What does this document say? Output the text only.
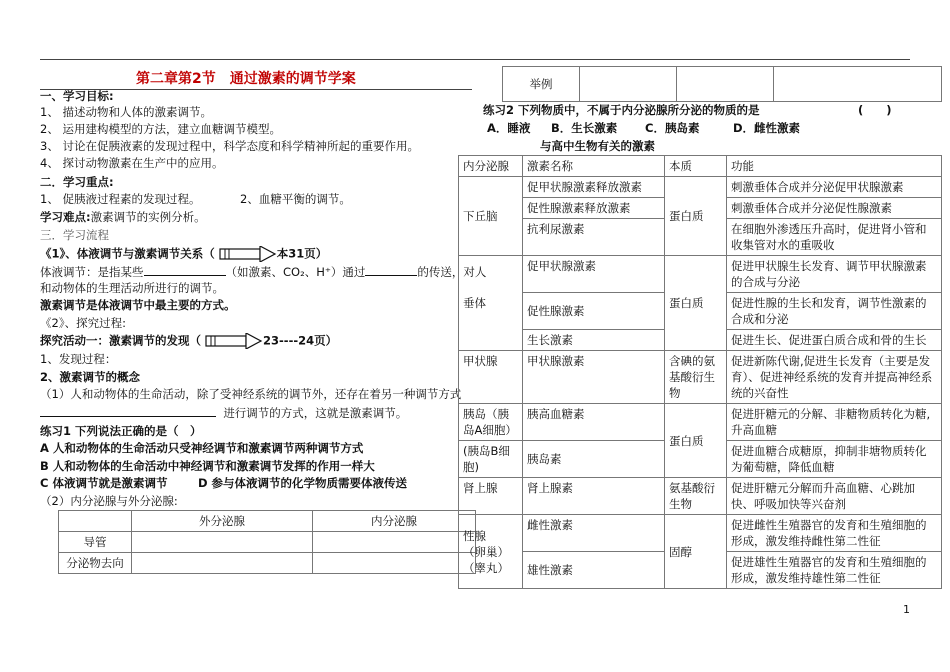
第二章第2节　通过激素的调节学案
一、学习目标:
1、 描述动物和人体的激素调节。
2、 运用建构模型的方法，建立血糖调节模型。
3、 讨论在促胰液素的发现过程中，科学态度和科学精神所起的重要作用。
4、 探讨动物激素在生产中的应用。
二．学习重点:
1、 促胰液过程素的发现过程。	2、血糖平衡的调节。
学习难点:激素调节的实例分析。
三．学习流程
《1》、体液调节与激素调节关系（	本31页）
体液调节：是指某些	（如激素、CO₂、H⁺）通过	的传送，对人
和动物体的生理活动所进行的调节。
激素调节是体液调节中最主要的方式。
《2》、探究过程:
探究活动一：激素调节的发现（	23----24页）
1、发现过程：
2、激素调节的概念
（1）人和动物体的生命活动，除了受神经系统的调节外，还存在着另一种调节方式
进行调节的方式，这就是激素调节。
练习1 下列说法正确的是（　）
A 人和动物体的生命活动只受神经调节和激素调节两种调节方式
B 人和动物体的生命活动中神经调节和激素调节发挥的作用一样大
C 体液调节就是激素调节	D 参与体液调节的化学物质需要体液传送
（2）内分泌腺与外分泌腺:
	外分泌腺	内分泌腺
导管		
分泌物去向		
举例			
练习2 下列物质中，不属于内分泌腺所分泌的物质的是	(　　)
A．睡液 B．生长激素 C．胰岛素	D．雌性激素
与高中生物有关的激素
内分泌腺	激素名称	本质	功能
下丘脑	促甲状腺激素释放激素	蛋白质	刺激垂体合成并分泌促甲状腺激素
	促性腺激素释放激素		刺激垂体合成并分泌促性腺激素
	抗利尿激素		在细胞外渗透压升高时，促进肾小管和收集管对水的重吸收
垂体	促甲状腺激素	蛋白质	促进甲状腺生长发育、调节甲状腺激素的合成与分泌
	促性腺激素		促进性腺的生长和发育，调节性激素的合成和分泌
	生长激素		促进生长、促进蛋白质合成和骨的生长
甲状腺	甲状腺激素	含碘的氨基酸衍生物	促进新陈代谢,促进生长发育（主要是发育）、促进神经系统的发育并提高神经系统的兴奋性
胰岛（胰岛A细胞）	胰高血糖素	蛋白质	促进肝糖元的分解、非糖物质转化为糖,升高血糖
(胰岛B细胞)	胰岛素		促进血糖合成糖原，抑制非塘物质转化为葡萄糖，降低血糖
肾上腺	肾上腺素	氨基酸衍生物	促进肝糖元分解而升高血糖、心跳加快、呼吸加快等兴奋剂

性腺
（卵巢）
（睾丸）	雌性激素	固醇	促进雌性生殖器官的发育和生殖细胞的形成，激发维持雌性第二性征
	雄性激素		促进雄性生殖器官的发育和生殖细胞的形成，激发维持雄性第二性征
1
